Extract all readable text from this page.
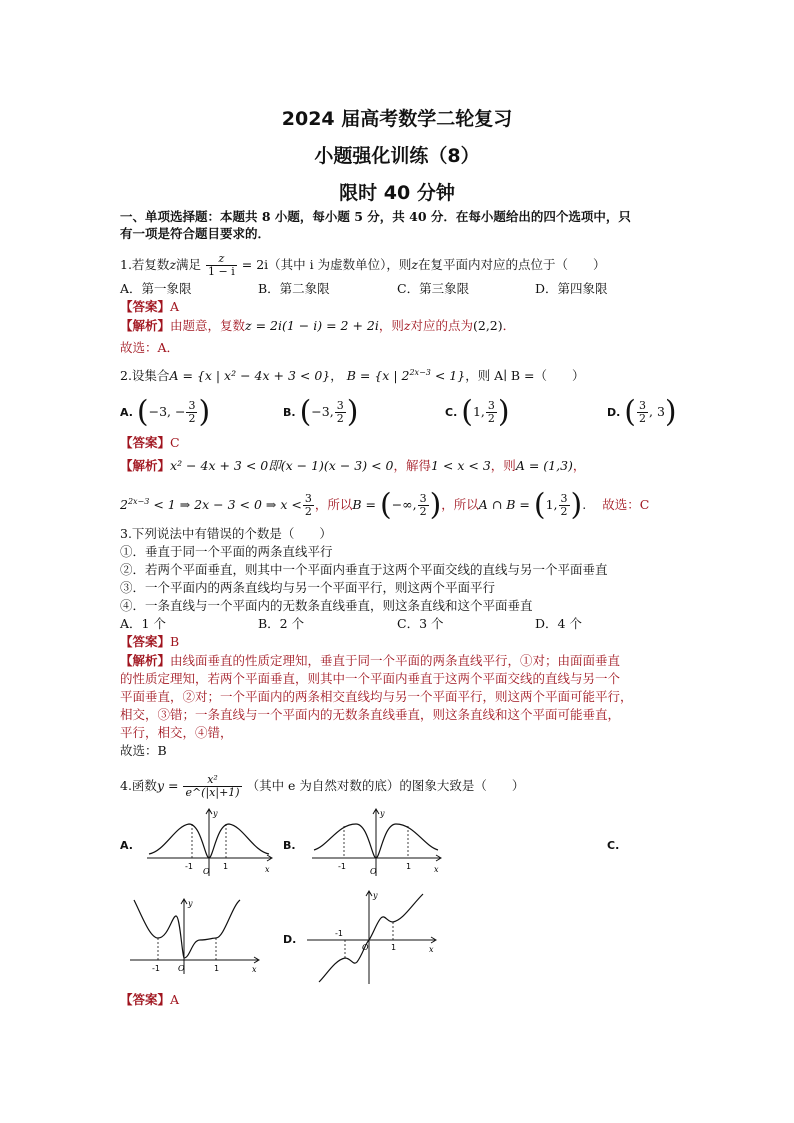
2024 届高考数学二轮复习
小题强化训练（8）
限时 40 分钟
一、单项选择题：本题共 8 小题，每小题 5 分，共 40 分．在每小题给出的四个选项中，只
有一项是符合题目要求的．
1.若复数z满足 $\frac{z}{1 - i} = 2i$（其中 i 为虚数单位），则z在复平面内对应的点位于（　　）
A．第一象限	B．第二象限	C．第三象限	D．第四象限
【答案】A
【解析】由题意，复数z = 2i(1 − i) = 2 + 2i，则z对应的点为(2,2)．
故选：A．
2.设集合A = {x | x² − 4x + 3 < 0}， B = {x | $2^{2x-3} < 1$}，则 A∣ B =（　　）
A. (−3, − $\frac{3}{2}$ )	B. (−3, $\frac{3}{2}$ )	C. (1, $\frac{3}{2}$ )	D. ( $\frac{3}{2}$ , 3)
【答案】C
【解析】x² − 4x + 3 < 0即(x − 1)(x − 3) < 0，解得1 < x < 3，则A = (1,3)，
$2^{2x-3} < 1$ ⇒ 2x − 3 < 0 ⇒ $x < \frac{3}{2}$ ，所以B = (−∞, $\frac{3}{2}$ )，所以A ∩ B = (1, $\frac{3}{2}$ ). 故选：C
3.下列说法中有错误的个数是（　　）
①．垂直于同一个平面的两条直线平行
②．若两个平面垂直，则其中一个平面内垂直于这两个平面交线的直线与另一个平面垂直
③．一个平面内的两条直线均与另一个平面平行，则这两个平面平行
④．一条直线与一个平面内的无数条直线垂直，则这条直线和这个平面垂直
A．1 个	B．2 个	C．3 个	D．4 个
【答案】B
【解析】由线面垂直的性质定理知，垂直于同一个平面的两条直线平行，①对；由面面垂直
的性质定理知，若两个平面垂直，则其中一个平面内垂直于这两个平面交线的直线与另一个
平面垂直，②对；一个平面内的两条相交直线均与另一个平面平行，则这两个平面可能平行，
相交，③错；一条直线与一个平面内的无数条直线垂直，则这条直线和这个平面可能垂直，
平行，相交，④错，
故选：B
4.函数$y = \frac{\text{x²}}{e\^{}(|x|+1)}$ （其中 e 为自然对数的底）的图象大致是（　　）
A.	B.	C.
D.
-1
O
1
y
x	-1
O
1
y
x
-1 O	1
y
x
-1
O	1
y
x
【答案】A
